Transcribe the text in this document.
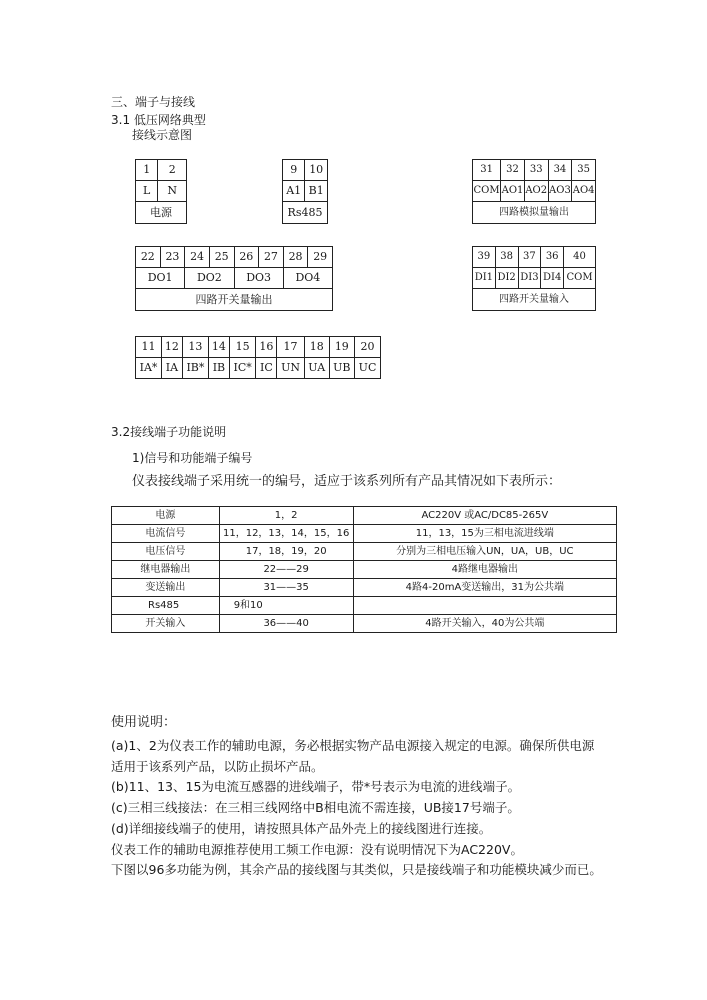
三、端子与接线
3.1 低压网络典型
接线示意图
1	2
L	N
电源	
9	10
A1	B1
Rs485	
31	32	33	34	35
COM	AO1	AO2	AO3	AO4
四路模拟量输出				
22	23	24	25	26	27	28	29
DO1		DO2		DO3		DO4	
四路开关量输出							
39	38	37	36	40
DI1	DI2	DI3	DI4	COM
四路开关量输入				
11	12	13	14	15	16	17	18	19	20
IA*	IA	IB*	IB	IC*	IC	UN	UA	UB	UC
3.2接线端子功能说明
1)信号和功能端子编号
仪表接线端子采用统一的编号，适应于该系列所有产品其情况如下表所示：
电源	1，2	AC220V 或AC/DC85-265V
电流信号	11，12，13，14，15，16	11，13，15为三相电流进线端
电压信号	17，18，19，20	分别为三相电压输入UN，UA，UB，UC
继电器输出	22——29	4路继电器输出
变送输出	31——35	4路4-20mA变送输出，31为公共端
Rs485	9和10	
开关输入	36——40	4路开关输入，40为公共端
使用说明：
(a)1、2为仪表工作的辅助电源，务必根据实物产品电源接入规定的电源。确保所供电源
适用于该系列产品，以防止损坏产品。
(b)11、13、15为电流互感器的进线端子，带*号表示为电流的进线端子。
(c)三相三线接法：在三相三线网络中B相电流不需连接，UB接17号端子。
(d)详细接线端子的使用，请按照具体产品外壳上的接线图进行连接。
仪表工作的辅助电源推荐使用工频工作电源：没有说明情况下为AC220V。
下图以96多功能为例，其余产品的接线图与其类似，只是接线端子和功能模块减少而已。
